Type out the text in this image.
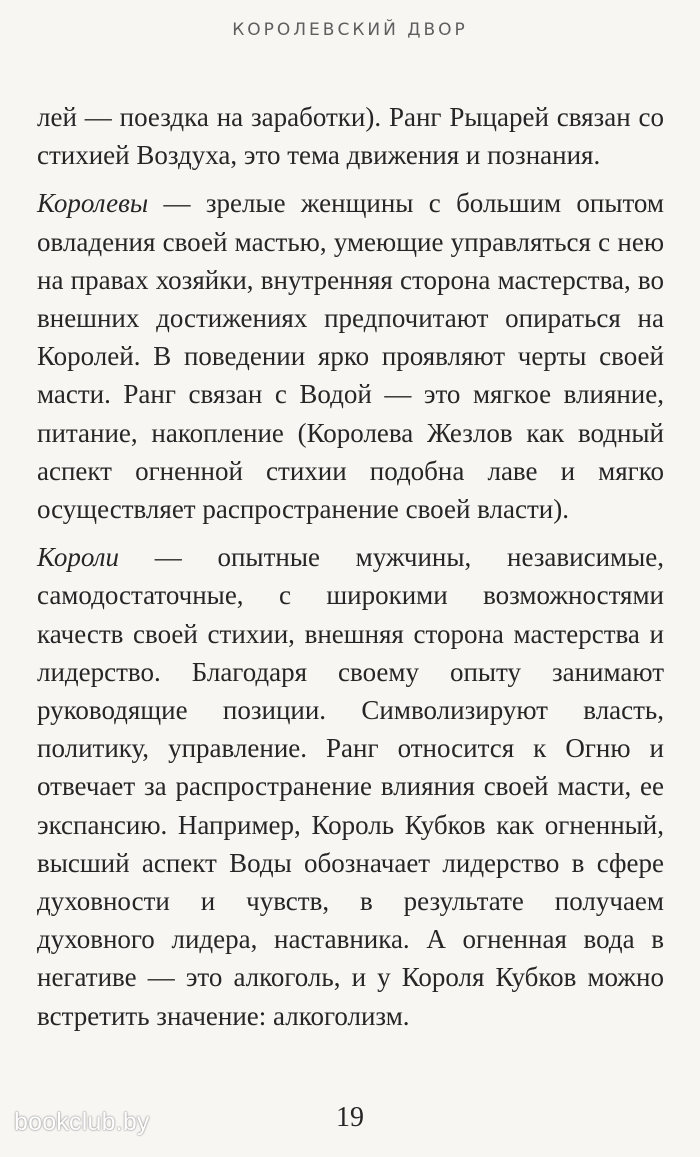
КОРОЛЕВСКИЙ ДВОР

лей — поездка на заработки). Ранг Рыцарей связан со стихией Воздуха, это тема движения и познания.

Королевы — зрелые женщины с большим опытом овладения своей мастью, умеющие управляться с нею на правах хозяйки, внутренняя сторона мастерства, во внешних достижениях предпочитают опираться на Королей. В поведении ярко проявляют черты своей масти. Ранг связан с Водой — это мягкое влияние, питание, накопление (Королева Жезлов как водный аспект огненной стихии подобна лаве и мягко осуществляет распространение своей власти).

Короли — опытные мужчины, независимые, самодостаточные, с широкими возможностями качеств своей стихии, внешняя сторона мастерства и лидерство. Благодаря своему опыту занимают руководящие позиции. Символизируют власть, политику, управление. Ранг относится к Огню и отвечает за распространение влияния своей масти, ее экспансию. Например, Король Кубков как огненный, высший аспект Воды обозначает лидерство в сфере духовности и чувств, в результате получаем духовного лидера, наставника. А огненная вода в негативе — это алкоголь, и у Короля Кубков можно встретить значение: алкоголизм.

19
bookclub.by
